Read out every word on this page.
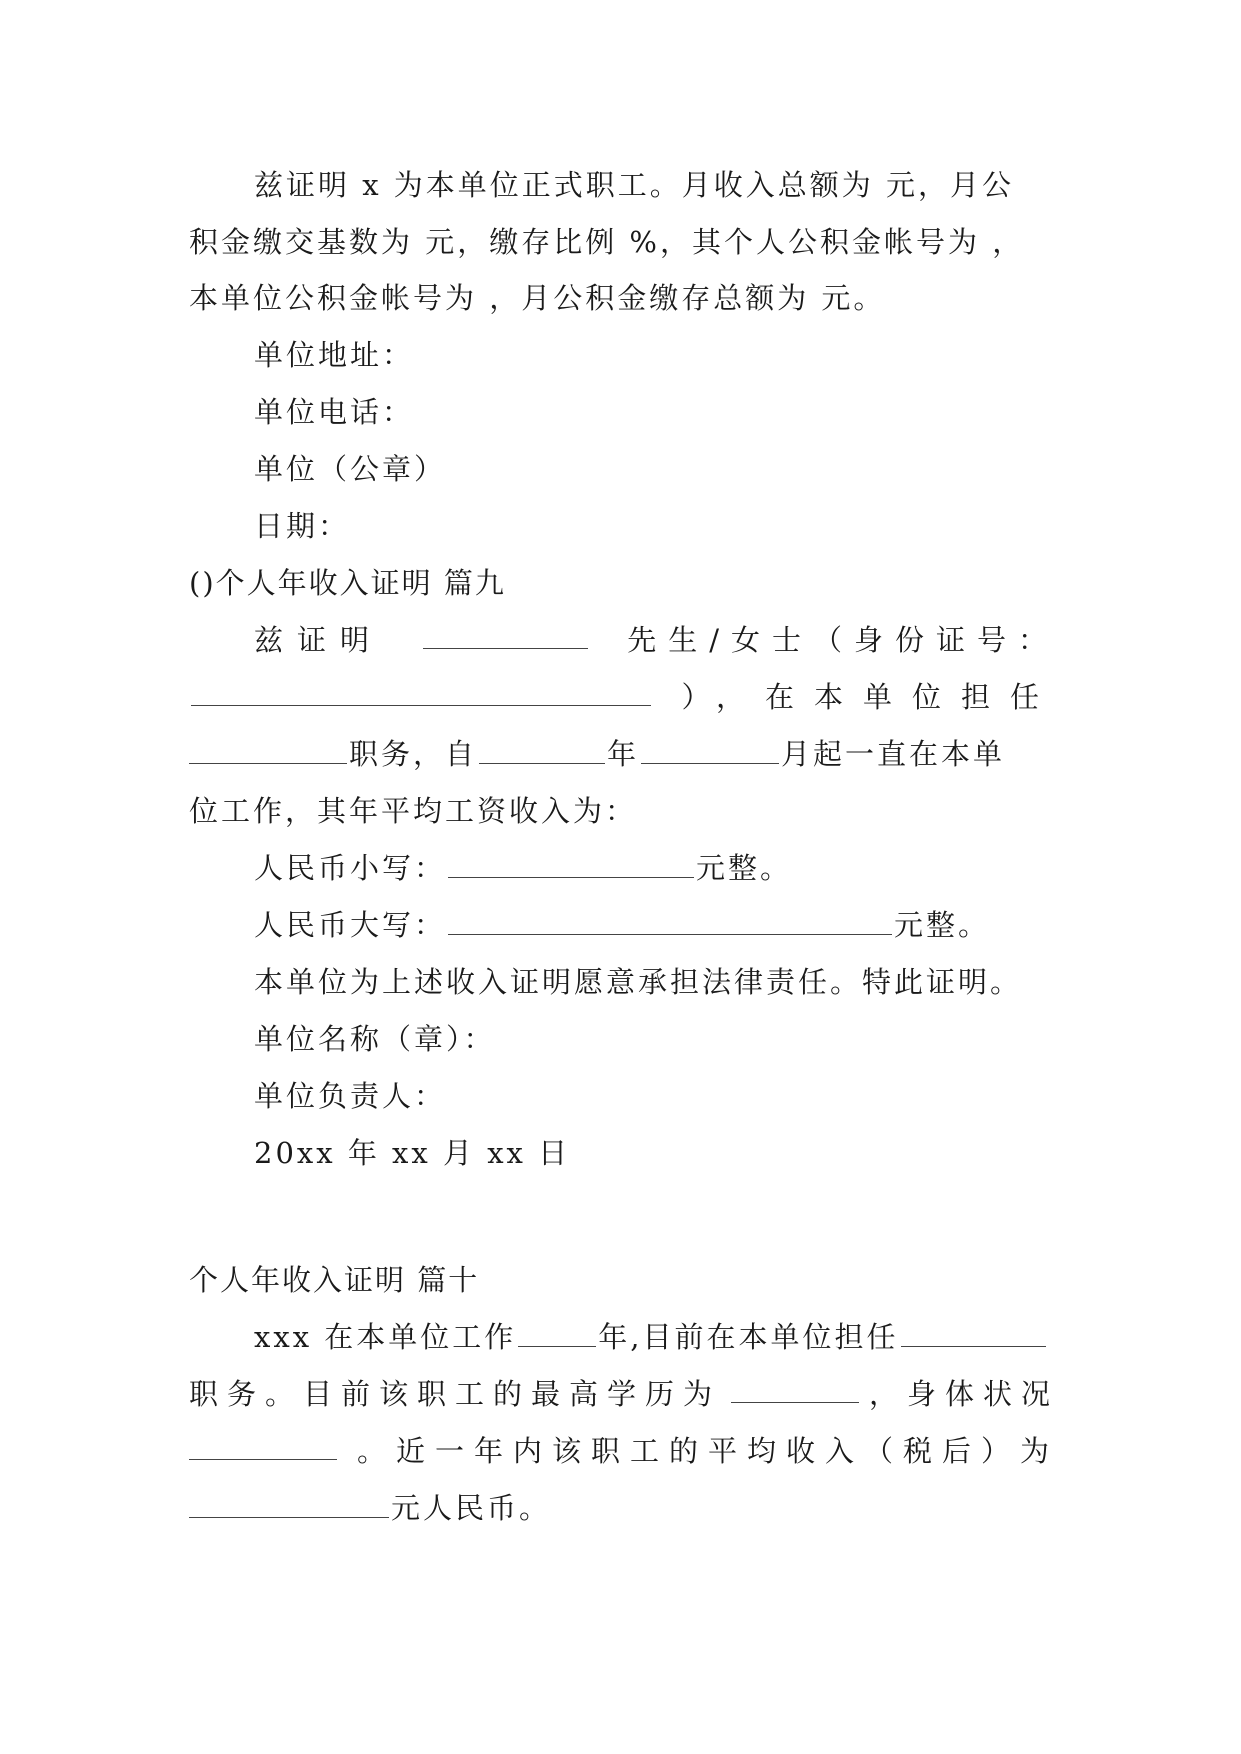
兹证明 x 为本单位正式职工。月收入总额为 元，月公
积金缴交基数为 元，缴存比例 %，其个人公积金帐号为 ，
本单位公积金帐号为 ，月公积金缴存总额为 元。
单位地址：
单位电话：
单位（公章）
日期：
()个人年收入证明 篇九
兹证明	先生/女士（身份证号：
），在本单位担任
职务，自	年	月起一直在本单
位工作，其年平均工资收入为：
人民币小写：	元整。
人民币大写：	元整。
本单位为上述收入证明愿意承担法律责任。特此证明。
单位名称（章）：
单位负责人：
20xx 年 xx 月 xx 日
个人年收入证明 篇十
xxx 在本单位工作	年,目前在本单位担任
职务。目前该职工的最高学历为	，身体状况
。近一年内该职工的平均收入（税后）为
元人民币。
